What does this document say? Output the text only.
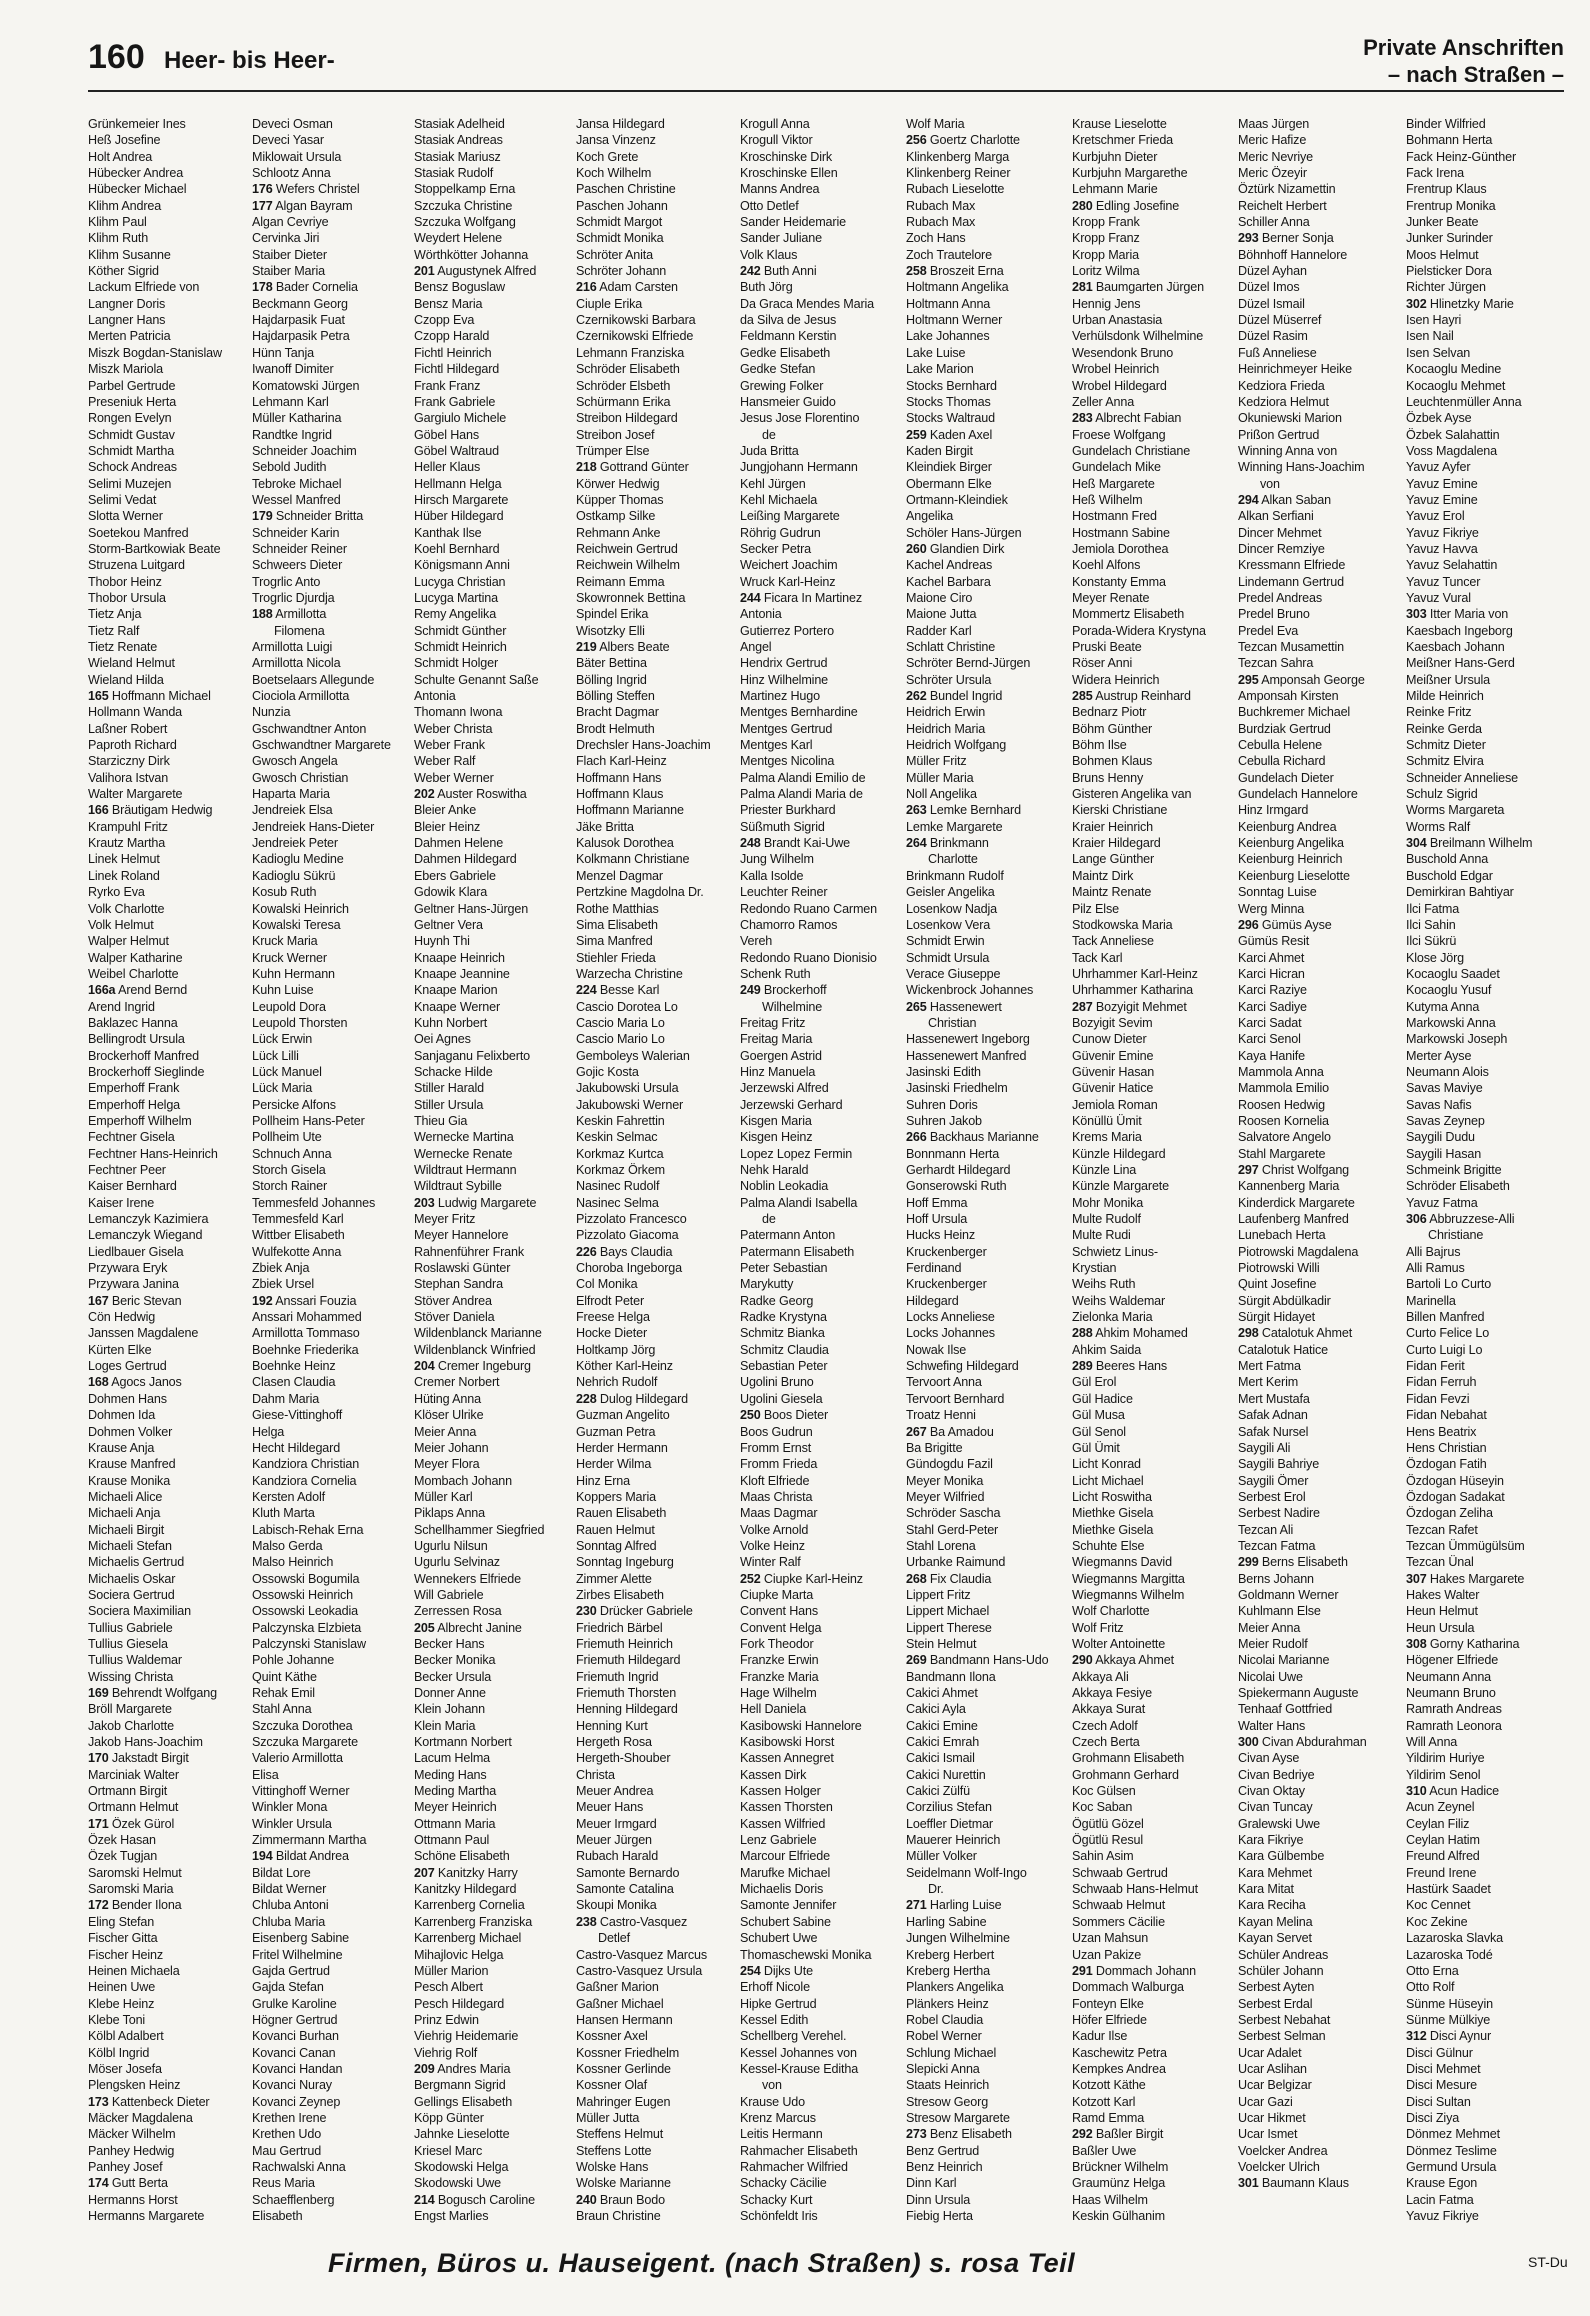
160 Heer- bis Heer-	Private Anschriften
– nach Straßen –
Grünkemeier Ines
Heß Josefine
Holt Andrea
Hübecker Andrea
Hübecker Michael
Klihm Andrea
Klihm Paul
Klihm Ruth
Klihm Susanne
Köther Sigrid
Lackum Elfriede von
Langner Doris
Langner Hans
Merten Patricia
Miszk Bogdan-Stanislaw
Miszk Mariola
Parbel Gertrude
Preseniuk Herta
Rongen Evelyn
Schmidt Gustav
Schmidt Martha
Schock Andreas
Selimi Muzejen
Selimi Vedat
Slotta Werner
Soetekou Manfred
Storm-Bartkowiak Beate
Struzena Luitgard
Thobor Heinz
Thobor Ursula
Tietz Anja
Tietz Ralf
Tietz Renate
Wieland Helmut
Wieland Hilda
165 Hoffmann Michael
Hollmann Wanda
Laßner Robert
Paproth Richard
Starziczny Dirk
Valihora Istvan
Walter Margarete
166 Bräutigam Hedwig
Krampuhl Fritz
Krautz Martha
Linek Helmut
Linek Roland
Ryrko Eva
Volk Charlotte
Volk Helmut
Walper Helmut
Walper Katharine
Weibel Charlotte
166a Arend Bernd
Arend Ingrid
Baklazec Hanna
Bellingrodt Ursula
Brockerhoff Manfred
Brockerhoff Sieglinde
Emperhoff Frank
Emperhoff Helga
Emperhoff Wilhelm
Fechtner Gisela
Fechtner Hans-Heinrich
Fechtner Peer
Kaiser Bernhard
Kaiser Irene
Lemanczyk Kazimiera
Lemanczyk Wiegand
Liedlbauer Gisela
Przywara Eryk
Przywara Janina
167 Beric Stevan
Cön Hedwig
Janssen Magdalene
Kürten Elke
Loges Gertrud
168 Agocs Janos
Dohmen Hans
Dohmen Ida
Dohmen Volker
Krause Anja
Krause Manfred
Krause Monika
Michaeli Alice
Michaeli Anja
Michaeli Birgit
Michaeli Stefan
Michaelis Gertrud
Michaelis Oskar
Sociera Gertrud
Sociera Maximilian
Tullius Gabriele
Tullius Giesela
Tullius Waldemar
Wissing Christa
169 Behrendt Wolfgang
Bröll Margarete
Jakob Charlotte
Jakob Hans-Joachim
170 Jakstadt Birgit
Marciniak Walter
Ortmann Birgit
Ortmann Helmut
171 Özek Gürol
Özek Hasan
Özek Tugjan
Saromski Helmut
Saromski Maria
172 Bender Ilona
Eling Stefan
Fischer Gitta
Fischer Heinz
Heinen Michaela
Heinen Uwe
Klebe Heinz
Klebe Toni
Kölbl Adalbert
Kölbl Ingrid
Möser Josefa
Plengsken Heinz
173 Kattenbeck Dieter
Mäcker Magdalena
Mäcker Wilhelm
Panhey Hedwig
Panhey Josef
174 Gutt Berta
Hermanns Horst
Hermanns Margarete
Deveci Osman
Deveci Yasar
Miklowait Ursula
Schlootz Anna
176 Wefers Christel
177 Algan Bayram
Algan Cevriye
Cervinka Jiri
Staiber Dieter
Staiber Maria
178 Bader Cornelia
Beckmann Georg
Hajdarpasik Fuat
Hajdarpasik Petra
Hünn Tanja
Iwanoff Dimiter
Komatowski Jürgen
Lehmann Karl
Müller Katharina
Randtke Ingrid
Schneider Joachim
Sebold Judith
Tebroke Michael
Wessel Manfred
179 Schneider Britta
Schneider Karin
Schneider Reiner
Schweers Dieter
Trogrlic Anto
Trogrlic Djurdja
188 Armillotta
Filomena
Armillotta Luigi
Armillotta Nicola
Boetselaars Allegunde
Ciociola Armillotta
Nunzia
Gschwandtner Anton
Gschwandtner Margarete
Gwosch Angela
Gwosch Christian
Haparta Maria
Jendreiek Elsa
Jendreiek Hans-Dieter
Jendreiek Peter
Kadioglu Medine
Kadioglu Sükrü
Kosub Ruth
Kowalski Heinrich
Kowalski Teresa
Kruck Maria
Kruck Werner
Kuhn Hermann
Kuhn Luise
Leupold Dora
Leupold Thorsten
Lück Erwin
Lück Lilli
Lück Manuel
Lück Maria
Persicke Alfons
Pollheim Hans-Peter
Pollheim Ute
Schnuch Anna
Storch Gisela
Storch Rainer
Temmesfeld Johannes
Temmesfeld Karl
Wittber Elisabeth
Wulfekotte Anna
Zbiek Anja
Zbiek Ursel
192 Anssari Fouzia
Anssari Mohammed
Armillotta Tommaso
Boehnke Friederika
Boehnke Heinz
Clasen Claudia
Dahm Maria
Giese-Vittinghoff
Helga
Hecht Hildegard
Kandziora Christian
Kandziora Cornelia
Kersten Adolf
Kluth Marta
Labisch-Rehak Erna
Malso Gerda
Malso Heinrich
Ossowski Bogumila
Ossowski Heinrich
Ossowski Leokadia
Palczynska Elzbieta
Palczynski Stanislaw
Pohle Johanne
Quint Käthe
Rehak Emil
Stahl Anna
Szczuka Dorothea
Szczuka Margarete
Valerio Armillotta
Elisa
Vittinghoff Werner
Winkler Mona
Winkler Ursula
Zimmermann Martha
194 Bildat Andrea
Bildat Lore
Bildat Werner
Chluba Antoni
Chluba Maria
Eisenberg Sabine
Fritel Wilhelmine
Gajda Gertrud
Gajda Stefan
Grulke Karoline
Högner Gertrud
Kovanci Burhan
Kovanci Canan
Kovanci Handan
Kovanci Nuray
Kovanci Zeynep
Krethen Irene
Krethen Udo
Mau Gertrud
Rachwalski Anna
Reus Maria
Schaefflenberg
Elisabeth
Stasiak Adelheid
Stasiak Andreas
Stasiak Mariusz
Stasiak Rudolf
Stoppelkamp Erna
Szczuka Christine
Szczuka Wolfgang
Weydert Helene
Wörthkötter Johanna
201 Augustynek Alfred
Bensz Boguslaw
Bensz Maria
Czopp Eva
Czopp Harald
Fichtl Heinrich
Fichtl Hildegard
Frank Franz
Frank Gabriele
Gargiulo Michele
Göbel Hans
Göbel Waltraud
Heller Klaus
Hellmann Helga
Hirsch Margarete
Hüber Hildegard
Kanthak Ilse
Koehl Bernhard
Königsmann Anni
Lucyga Christian
Lucyga Martina
Remy Angelika
Schmidt Günther
Schmidt Heinrich
Schmidt Holger
Schulte Genannt Saße
Antonia
Thomann Iwona
Weber Christa
Weber Frank
Weber Ralf
Weber Werner
202 Auster Roswitha
Bleier Anke
Bleier Heinz
Dahmen Helene
Dahmen Hildegard
Ebers Gabriele
Gdowik Klara
Geltner Hans-Jürgen
Geltner Vera
Huynh Thi
Knaape Heinrich
Knaape Jeannine
Knaape Marion
Knaape Werner
Kuhn Norbert
Oei Agnes
Sanjaganu Felixberto
Schacke Hilde
Stiller Harald
Stiller Ursula
Thieu Gia
Wernecke Martina
Wernecke Renate
Wildtraut Hermann
Wildtraut Sybille
203 Ludwig Margarete
Meyer Fritz
Meyer Hannelore
Rahnenführer Frank
Roslawski Günter
Stephan Sandra
Stöver Andrea
Stöver Daniela
Wildenblanck Marianne
Wildenblanck Winfried
204 Cremer Ingeburg
Cremer Norbert
Hüting Anna
Klöser Ulrike
Meier Anna
Meier Johann
Meyer Flora
Mombach Johann
Müller Karl
Piklaps Anna
Schellhammer Siegfried
Ugurlu Nilsun
Ugurlu Selvinaz
Wennekers Elfriede
Will Gabriele
Zerressen Rosa
205 Albrecht Janine
Becker Hans
Becker Monika
Becker Ursula
Donner Anne
Klein Johann
Klein Maria
Kortmann Norbert
Lacum Helma
Meding Hans
Meding Martha
Meyer Heinrich
Ottmann Maria
Ottmann Paul
Schöne Elisabeth
207 Kanitzky Harry
Kanitzky Hildegard
Karrenberg Cornelia
Karrenberg Franziska
Karrenberg Michael
Mihajlovic Helga
Müller Marion
Pesch Albert
Pesch Hildegard
Prinz Edwin
Viehrig Heidemarie
Viehrig Rolf
209 Andres Maria
Bergmann Sigrid
Gellings Elisabeth
Köpp Günter
Jahnke Lieselotte
Kriesel Marc
Skodowski Helga
Skodowski Uwe
214 Bogusch Caroline
Engst Marlies
Jansa Hildegard
Jansa Vinzenz
Koch Grete
Koch Wilhelm
Paschen Christine
Paschen Johann
Schmidt Margot
Schmidt Monika
Schröter Anita
Schröter Johann
216 Adam Carsten
Ciuple Erika
Czernikowski Barbara
Czernikowski Elfriede
Lehmann Franziska
Schröder Elisabeth
Schröder Elsbeth
Schürmann Erika
Streibon Hildegard
Streibon Josef
Trümper Else
218 Gottrand Günter
Körwer Hedwig
Küpper Thomas
Ostkamp Silke
Rehmann Anke
Reichwein Gertrud
Reichwein Wilhelm
Reimann Emma
Skowronnek Bettina
Spindel Erika
Wisotzky Elli
219 Albers Beate
Bäter Bettina
Bölling Ingrid
Bölling Steffen
Bracht Dagmar
Brodt Helmuth
Drechsler Hans-Joachim
Flach Karl-Heinz
Hoffmann Hans
Hoffmann Klaus
Hoffmann Marianne
Jäke Britta
Kalusok Dorothea
Kolkmann Christiane
Menzel Dagmar
Pertzkine Magdolna Dr.
Rothe Matthias
Sima Elisabeth
Sima Manfred
Stiehler Frieda
Warzecha Christine
224 Besse Karl
Cascio Dorotea Lo
Cascio Maria Lo
Cascio Mario Lo
Gemboleys Walerian
Gojic Kosta
Jakubowski Ursula
Jakubowski Werner
Keskin Fahrettin
Keskin Selmac
Korkmaz Kurtca
Korkmaz Örkem
Nasinec Rudolf
Nasinec Selma
Pizzolato Francesco
Pizzolato Giacoma
226 Bays Claudia
Choroba Ingeborga
Col Monika
Elfrodt Peter
Freese Helga
Hocke Dieter
Holtkamp Jörg
Köther Karl-Heinz
Nehrich Rudolf
228 Dulog Hildegard
Guzman Angelito
Guzman Petra
Herder Hermann
Herder Wilma
Hinz Erna
Koppers Maria
Rauen Elisabeth
Rauen Helmut
Sonntag Alfred
Sonntag Ingeburg
Zimmer Alette
Zirbes Elisabeth
230 Drücker Gabriele
Friedrich Bärbel
Friemuth Heinrich
Friemuth Hildegard
Friemuth Ingrid
Friemuth Thorsten
Henning Hildegard
Henning Kurt
Hergeth Rosa
Hergeth-Shouber
Christa
Meuer Andrea
Meuer Hans
Meuer Irmgard
Meuer Jürgen
Rubach Harald
Samonte Bernardo
Samonte Catalina
Skoupi Monika
238 Castro-Vasquez
Detlef
Castro-Vasquez Marcus
Castro-Vasquez Ursula
Gaßner Marion
Gaßner Michael
Hansen Hermann
Kossner Axel
Kossner Friedhelm
Kossner Gerlinde
Kossner Olaf
Mahringer Eugen
Müller Jutta
Steffens Helmut
Steffens Lotte
Wolske Hans
Wolske Marianne
240 Braun Bodo
Braun Christine
Krogull Anna
Krogull Viktor
Kroschinske Dirk
Kroschinske Ellen
Manns Andrea
Otto Detlef
Sander Heidemarie
Sander Juliane
Volk Klaus
242 Buth Anni
Buth Jörg
Da Graca Mendes Maria
da Silva de Jesus
Feldmann Kerstin
Gedke Elisabeth
Gedke Stefan
Grewing Folker
Hansmeier Guido
Jesus Jose Florentino
de
Juda Britta
Jungjohann Hermann
Kehl Jürgen
Kehl Michaela
Leißing Margarete
Röhrig Gudrun
Secker Petra
Weichert Joachim
Wruck Karl-Heinz
244 Ficara In Martinez
Antonia
Gutierrez Portero
Angel
Hendrix Gertrud
Hinz Wilhelmine
Martinez Hugo
Mentges Bernhardine
Mentges Gertrud
Mentges Karl
Mentges Nicolina
Palma Alandi Emilio de
Palma Alandi Maria de
Priester Burkhard
Süßmuth Sigrid
248 Brandt Kai-Uwe
Jung Wilhelm
Kalla Isolde
Leuchter Reiner
Redondo Ruano Carmen
Chamorro Ramos
Vereh
Redondo Ruano Dionisio
Schenk Ruth
249 Brockerhoff
Wilhelmine
Freitag Fritz
Freitag Maria
Goergen Astrid
Hinz Manuela
Jerzewski Alfred
Jerzewski Gerhard
Kisgen Maria
Kisgen Heinz
Lopez Lopez Fermin
Nehk Harald
Noblin Leokadia
Palma Alandi Isabella
de
Patermann Anton
Patermann Elisabeth
Peter Sebastian
Marykutty
Radke Georg
Radke Krystyna
Schmitz Bianka
Schmitz Claudia
Sebastian Peter
Ugolini Bruno
Ugolini Giesela
250 Boos Dieter
Boos Gudrun
Fromm Ernst
Fromm Frieda
Kloft Elfriede
Maas Christa
Maas Dagmar
Volke Arnold
Volke Heinz
Winter Ralf
252 Ciupke Karl-Heinz
Ciupke Marta
Convent Hans
Convent Helga
Fork Theodor
Franzke Erwin
Franzke Maria
Hage Wilhelm
Hell Daniela
Kasibowski Hannelore
Kasibowski Horst
Kassen Annegret
Kassen Dirk
Kassen Holger
Kassen Thorsten
Kassen Wilfried
Lenz Gabriele
Marcour Elfriede
Marufke Michael
Michaelis Doris
Samonte Jennifer
Schubert Sabine
Schubert Uwe
Thomaschewski Monika
254 Dijks Ute
Erhoff Nicole
Hipke Gertrud
Kessel Edith
Schellberg Verehel.
Kessel Johannes von
Kessel-Krause Editha
von
Krause Udo
Krenz Marcus
Leitis Hermann
Rahmacher Elisabeth
Rahmacher Wilfried
Schacky Cäcilie
Schacky Kurt
Schönfeldt Iris
Wolf Maria
256 Goertz Charlotte
Klinkenberg Marga
Klinkenberg Reiner
Rubach Lieselotte
Rubach Max
Rubach Max
Zoch Hans
Zoch Trautelore
258 Broszeit Erna
Holtmann Angelika
Holtmann Anna
Holtmann Werner
Lake Johannes
Lake Luise
Lake Marion
Stocks Bernhard
Stocks Thomas
Stocks Waltraud
259 Kaden Axel
Kaden Birgit
Kleindiek Birger
Obermann Elke
Ortmann-Kleindiek
Angelika
Schöler Hans-Jürgen
260 Glandien Dirk
Kachel Andreas
Kachel Barbara
Maione Ciro
Maione Jutta
Radder Karl
Schlatt Christine
Schröter Bernd-Jürgen
Schröter Ursula
262 Bundel Ingrid
Heidrich Erwin
Heidrich Maria
Heidrich Wolfgang
Müller Fritz
Müller Maria
Noll Angelika
263 Lemke Bernhard
Lemke Margarete
264 Brinkmann
Charlotte
Brinkmann Rudolf
Geisler Angelika
Losenkow Nadja
Losenkow Vera
Schmidt Erwin
Schmidt Ursula
Verace Giuseppe
Wickenbrock Johannes
265 Hassenewert
Christian
Hassenewert Ingeborg
Hassenewert Manfred
Jasinski Edith
Jasinski Friedhelm
Suhren Doris
Suhren Jakob
266 Backhaus Marianne
Bonnmann Herta
Gerhardt Hildegard
Gonserowski Ruth
Hoff Emma
Hoff Ursula
Hucks Heinz
Kruckenberger
Ferdinand
Kruckenberger
Hildegard
Locks Anneliese
Locks Johannes
Nowak Ilse
Schwefing Hildegard
Tervoort Anna
Tervoort Bernhard
Troatz Henni
267 Ba Amadou
Ba Brigitte
Gündogdu Fazil
Meyer Monika
Meyer Wilfried
Schröder Sascha
Stahl Gerd-Peter
Stahl Lorena
Urbanke Raimund
268 Fix Claudia
Lippert Fritz
Lippert Michael
Lippert Therese
Stein Helmut
269 Bandmann Hans-Udo
Bandmann Ilona
Cakici Ahmet
Cakici Ayla
Cakici Emine
Cakici Emrah
Cakici Ismail
Cakici Nurettin
Cakici Zülfü
Corzilius Stefan
Loeffler Dietmar
Mauerer Heinrich
Müller Volker
Seidelmann Wolf-Ingo
Dr.
271 Harling Luise
Harling Sabine
Jungen Wilhelmine
Kreberg Herbert
Kreberg Hertha
Plankers Angelika
Plänkers Heinz
Robel Claudia
Robel Werner
Schlung Michael
Slepicki Anna
Staats Heinrich
Stresow Georg
Stresow Margarete
273 Benz Elisabeth
Benz Gertrud
Benz Heinrich
Dinn Karl
Dinn Ursula
Fiebig Herta
Krause Lieselotte
Kretschmer Frieda
Kurbjuhn Dieter
Kurbjuhn Margarethe
Lehmann Marie
280 Edling Josefine
Kropp Frank
Kropp Franz
Kropp Maria
Loritz Wilma
281 Baumgarten Jürgen
Hennig Jens
Urban Anastasia
Verhülsdonk Wilhelmine
Wesendonk Bruno
Wrobel Heinrich
Wrobel Hildegard
Zeller Anna
283 Albrecht Fabian
Froese Wolfgang
Gundelach Christiane
Gundelach Mike
Heß Margarete
Heß Wilhelm
Hostmann Fred
Hostmann Sabine
Jemiola Dorothea
Koehl Alfons
Konstanty Emma
Meyer Renate
Mommertz Elisabeth
Porada-Widera Krystyna
Pruski Beate
Röser Anni
Widera Heinrich
285 Austrup Reinhard
Bednarz Piotr
Böhm Günther
Böhm Ilse
Bohmen Klaus
Bruns Henny
Gisteren Angelika van
Kierski Christiane
Kraier Heinrich
Kraier Hildegard
Lange Günther
Maintz Dirk
Maintz Renate
Pilz Else
Stodkowska Maria
Tack Anneliese
Tack Karl
Uhrhammer Karl-Heinz
Uhrhammer Katharina
287 Bozyigit Mehmet
Bozyigit Sevim
Cunow Dieter
Güvenir Emine
Güvenir Hasan
Güvenir Hatice
Jemiola Roman
Könüllü Ümit
Krems Maria
Künzle Hildegard
Künzle Lina
Künzle Margarete
Mohr Monika
Multe Rudolf
Multe Rudi
Schwietz Linus-
Krystian
Weihs Ruth
Weihs Waldemar
Zielonka Maria
288 Ahkim Mohamed
Ahkim Saida
289 Beeres Hans
Gül Erol
Gül Hadice
Gül Musa
Gül Senol
Gül Ümit
Licht Konrad
Licht Michael
Licht Roswitha
Miethke Gisela
Miethke Gisela
Schuhte Else
Wiegmanns David
Wiegmanns Margitta
Wiegmanns Wilhelm
Wolf Charlotte
Wolf Fritz
Wolter Antoinette
290 Akkaya Ahmet
Akkaya Ali
Akkaya Fesiye
Akkaya Surat
Czech Adolf
Czech Berta
Grohmann Elisabeth
Grohmann Gerhard
Koc Gülsen
Koc Saban
Ögütlü Gözel
Ögütlü Resul
Sahin Asim
Schwaab Gertrud
Schwaab Hans-Helmut
Schwaab Helmut
Sommers Cäcilie
Uzan Mahsun
Uzan Pakize
291 Dommach Johann
Dommach Walburga
Fonteyn Elke
Höfer Elfriede
Kadur Ilse
Kaschewitz Petra
Kempkes Andrea
Kotzott Käthe
Kotzott Karl
Ramd Emma
292 Baßler Birgit
Baßler Uwe
Brückner Wilhelm
Graumünz Helga
Haas Wilhelm
Keskin Gülhanim
Maas Jürgen
Meric Hafize
Meric Nevriye
Meric Özeyir
Öztürk Nizamettin
Reichelt Herbert
Schiller Anna
293 Berner Sonja
Böhnhoff Hannelore
Düzel Ayhan
Düzel Imos
Düzel Ismail
Düzel Müserref
Düzel Rasim
Fuß Anneliese
Heinrichmeyer Heike
Kedziora Frieda
Kedziora Helmut
Okuniewski Marion
Prißon Gertrud
Winning Anna von
Winning Hans-Joachim
von
294 Alkan Saban
Alkan Serfiani
Dincer Mehmet
Dincer Remziye
Kressmann Elfriede
Lindemann Gertrud
Predel Andreas
Predel Bruno
Predel Eva
Tezcan Musamettin
Tezcan Sahra
295 Amponsah George
Amponsah Kirsten
Buchkremer Michael
Burdziak Gertrud
Cebulla Helene
Cebulla Richard
Gundelach Dieter
Gundelach Hannelore
Hinz Irmgard
Keienburg Andrea
Keienburg Angelika
Keienburg Heinrich
Keienburg Lieselotte
Sonntag Luise
Werg Minna
296 Gümüs Ayse
Gümüs Resit
Karci Ahmet
Karci Hicran
Karci Raziye
Karci Sadiye
Karci Sadat
Karci Senol
Kaya Hanife
Mammola Anna
Mammola Emilio
Roosen Hedwig
Roosen Kornelia
Salvatore Angelo
Stahl Margarete
297 Christ Wolfgang
Kannenberg Maria
Kinderdick Margarete
Laufenberg Manfred
Lunebach Herta
Piotrowski Magdalena
Piotrowski Willi
Quint Josefine
Sürgit Abdülkadir
Sürgit Hidayet
298 Catalotuk Ahmet
Catalotuk Hatice
Mert Fatma
Mert Kerim
Mert Mustafa
Safak Adnan
Safak Nursel
Saygili Ali
Saygili Bahriye
Saygili Ömer
Serbest Erol
Serbest Nadire
Tezcan Ali
Tezcan Fatma
299 Berns Elisabeth
Berns Johann
Goldmann Werner
Kuhlmann Else
Meier Anna
Meier Rudolf
Nicolai Marianne
Nicolai Uwe
Spiekermann Auguste
Tenhaaf Gottfried
Walter Hans
300 Civan Abdurahman
Civan Ayse
Civan Bedriye
Civan Oktay
Civan Tuncay
Gralewski Uwe
Kara Fikriye
Kara Gülbembe
Kara Mehmet
Kara Mitat
Kara Reciha
Kayan Melina
Kayan Servet
Schüler Andreas
Schüler Johann
Serbest Ayten
Serbest Erdal
Serbest Nebahat
Serbest Selman
Ucar Adalet
Ucar Aslihan
Ucar Belgizar
Ucar Gazi
Ucar Hikmet
Ucar Ismet
Voelcker Andrea
Voelcker Ulrich
301 Baumann Klaus
Binder Wilfried
Bohmann Herta
Fack Heinz-Günther
Fack Irena
Frentrup Klaus
Frentrup Monika
Junker Beate
Junker Surinder
Moos Helmut
Pielsticker Dora
Richter Jürgen
302 Hlinetzky Marie
Isen Hayri
Isen Nail
Isen Selvan
Kocaoglu Medine
Kocaoglu Mehmet
Leuchtenmüller Anna
Özbek Ayse
Özbek Salahattin
Voss Magdalena
Yavuz Ayfer
Yavuz Emine
Yavuz Emine
Yavuz Erol
Yavuz Fikriye
Yavuz Havva
Yavuz Selahattin
Yavuz Tuncer
Yavuz Vural
303 Itter Maria von
Kaesbach Ingeborg
Kaesbach Johann
Meißner Hans-Gerd
Meißner Ursula
Milde Heinrich
Reinke Fritz
Reinke Gerda
Schmitz Dieter
Schmitz Elvira
Schneider Anneliese
Schulz Sigrid
Worms Margareta
Worms Ralf
304 Breilmann Wilhelm
Buschold Anna
Buschold Edgar
Demirkiran Bahtiyar
Ilci Fatma
Ilci Sahin
Ilci Sükrü
Klose Jörg
Kocaoglu Saadet
Kocaoglu Yusuf
Kutyma Anna
Markowski Anna
Markowski Joseph
Merter Ayse
Neumann Alois
Savas Maviye
Savas Nafis
Savas Zeynep
Saygili Dudu
Saygili Hasan
Schmeink Brigitte
Schröder Elisabeth
Yavuz Fatma
306 Abbruzzese-Alli
Christiane
Alli Bajrus
Alli Ramus
Bartoli Lo Curto
Marinella
Billen Manfred
Curto Felice Lo
Curto Luigi Lo
Fidan Ferit
Fidan Ferruh
Fidan Fevzi
Fidan Nebahat
Hens Beatrix
Hens Christian
Özdogan Fatih
Özdogan Hüseyin
Özdogan Sadakat
Özdogan Zeliha
Tezcan Rafet
Tezcan Ümmügülsüm
Tezcan Ünal
307 Hakes Margarete
Hakes Walter
Heun Helmut
Heun Ursula
308 Gorny Katharina
Högener Elfriede
Neumann Anna
Neumann Bruno
Ramrath Andreas
Ramrath Leonora
Will Anna
Yildirim Huriye
Yildirim Senol
310 Acun Hadice
Acun Zeynel
Ceylan Filiz
Ceylan Hatim
Freund Alfred
Freund Irene
Hastürk Saadet
Koc Cennet
Koc Zekine
Lazaroska Slavka
Lazaroska Todé
Otto Erna
Otto Rolf
Sünme Hüseyin
Sünme Mülkiye
312 Disci Aynur
Disci Gülnur
Disci Mehmet
Disci Mesure
Disci Sultan
Disci Ziya
Dönmez Mehmet
Dönmez Teslime
Germund Ursula
Krause Egon
Lacin Fatma
Yavuz Fikriye
Firmen, Büros u. Hauseigent. (nach Straßen) s. rosa Teil	ST-Du
